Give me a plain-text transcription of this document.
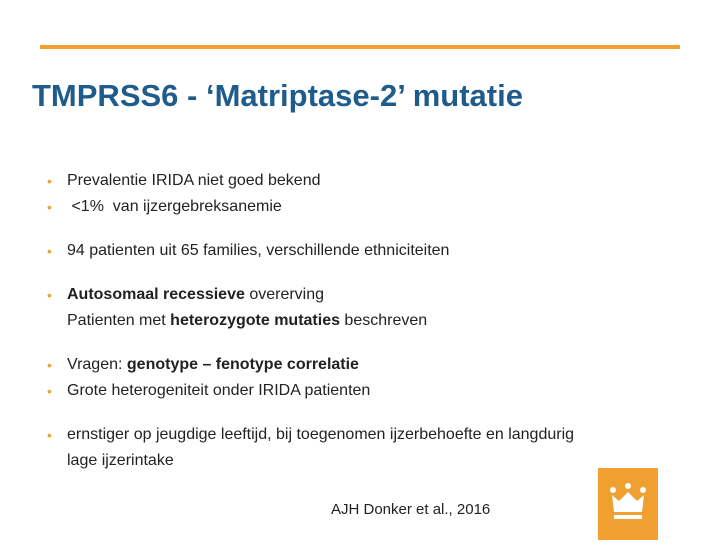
TMPRSS6 - ‘Matriptase-2’ mutatie
• Prevalentie IRIDA niet goed bekend
• <1%  van ijzergebreksanemie
• 94 patienten uit 65 families, verschillende ethniciteiten
• Autosomaal recessieve overerving
Patienten met heterozygote mutaties beschreven
• Vragen: genotype – fenotype correlatie
• Grote heterogeniteit onder IRIDA patienten
• ernstiger op jeugdige leeftijd, bij toegenomen ijzerbehoefte en langdurig
lage ijzerintake
AJH Donker et al., 2016
